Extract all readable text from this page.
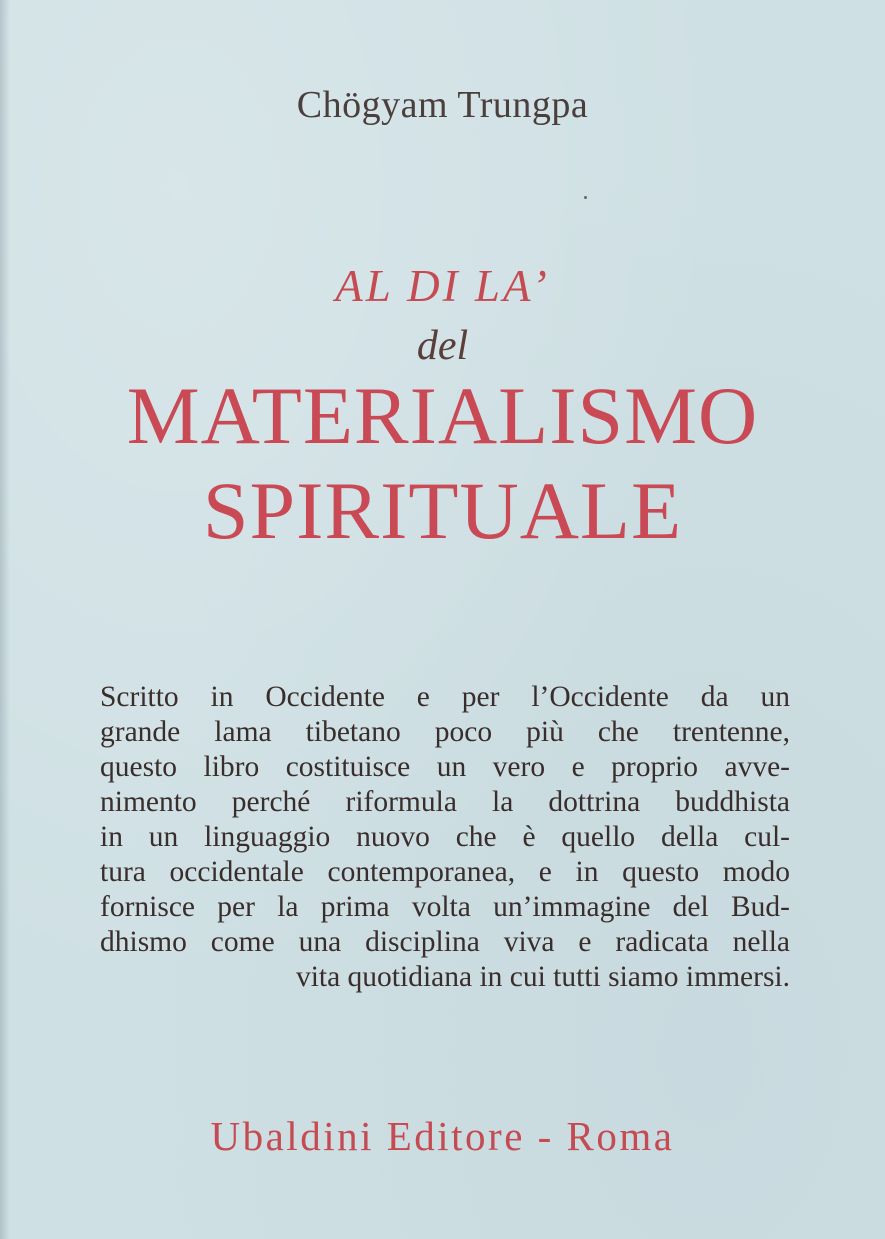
Chögyam Trungpa
AL DI LA’
del
MATERIALISMO
SPIRITUALE
Scritto in Occidente e per l’Occidente da un
grande lama tibetano poco più che trentenne,
questo libro costituisce un vero e proprio avve-
nimento perché riformula la dottrina buddhista
in un linguaggio nuovo che è quello della cul-
tura occidentale contemporanea, e in questo modo
fornisce per la prima volta un’immagine del Bud-
dhismo come una disciplina viva e radicata nella
vita quotidiana in cui tutti siamo immersi.
Ubaldini Editore - Roma
